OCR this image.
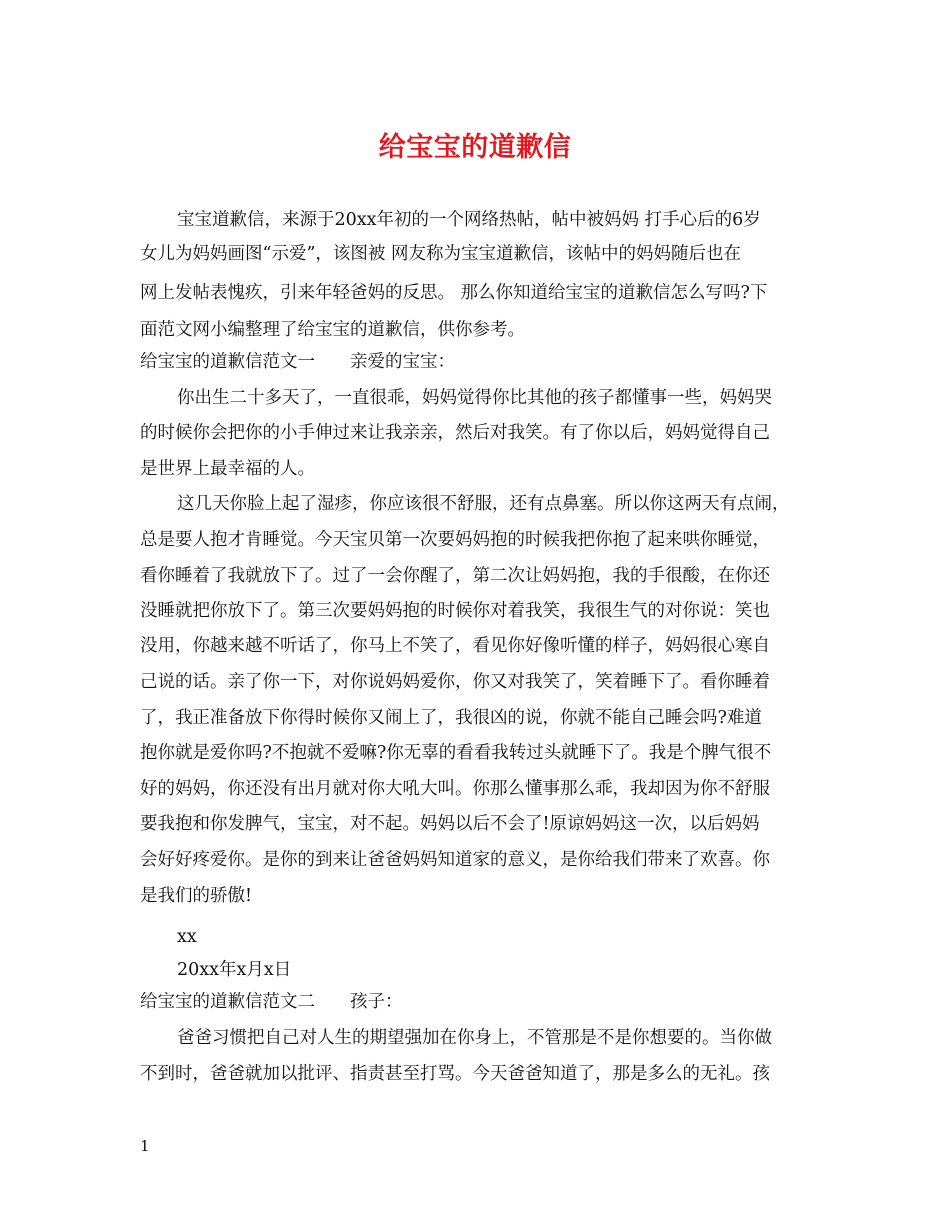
给宝宝的道歉信
宝宝道歉信，来源于20xx年初的一个网络热帖，帖中被妈妈 打手心后的6岁
女儿为妈妈画图“示爱”，该图被 网友称为宝宝道歉信，该帖中的妈妈随后也在
网上发帖表愧疚，引来年轻爸妈的反思。 那么你知道给宝宝的道歉信怎么写吗?下
面范文网小编整理了给宝宝的道歉信，供你参考。
给宝宝的道歉信范文一　　亲爱的宝宝：
你出生二十多天了，一直很乖，妈妈觉得你比其他的孩子都懂事一些，妈妈哭
的时候你会把你的小手伸过来让我亲亲，然后对我笑。有了你以后，妈妈觉得自己
是世界上最幸福的人。
这几天你脸上起了湿疹，你应该很不舒服，还有点鼻塞。所以你这两天有点闹，
总是要人抱才肯睡觉。今天宝贝第一次要妈妈抱的时候我把你抱了起来哄你睡觉，
看你睡着了我就放下了。过了一会你醒了，第二次让妈妈抱，我的手很酸，在你还
没睡就把你放下了。第三次要妈妈抱的时候你对着我笑，我很生气的对你说：笑也
没用，你越来越不听话了，你马上不笑了，看见你好像听懂的样子，妈妈很心寒自
己说的话。亲了你一下，对你说妈妈爱你，你又对我笑了，笑着睡下了。看你睡着
了，我正准备放下你得时候你又闹上了，我很凶的说，你就不能自己睡会吗?难道
抱你就是爱你吗?不抱就不爱嘛?你无辜的看看我转过头就睡下了。我是个脾气很不
好的妈妈，你还没有出月就对你大吼大叫。你那么懂事那么乖，我却因为你不舒服
要我抱和你发脾气，宝宝，对不起。妈妈以后不会了!原谅妈妈这一次，以后妈妈
会好好疼爱你。是你的到来让爸爸妈妈知道家的意义，是你给我们带来了欢喜。你
是我们的骄傲!
xx
20xx年x月x日
给宝宝的道歉信范文二　　孩子：
爸爸习惯把自己对人生的期望强加在你身上，不管那是不是你想要的。当你做
不到时，爸爸就加以批评、指责甚至打骂。今天爸爸知道了，那是多么的无礼。孩
1
